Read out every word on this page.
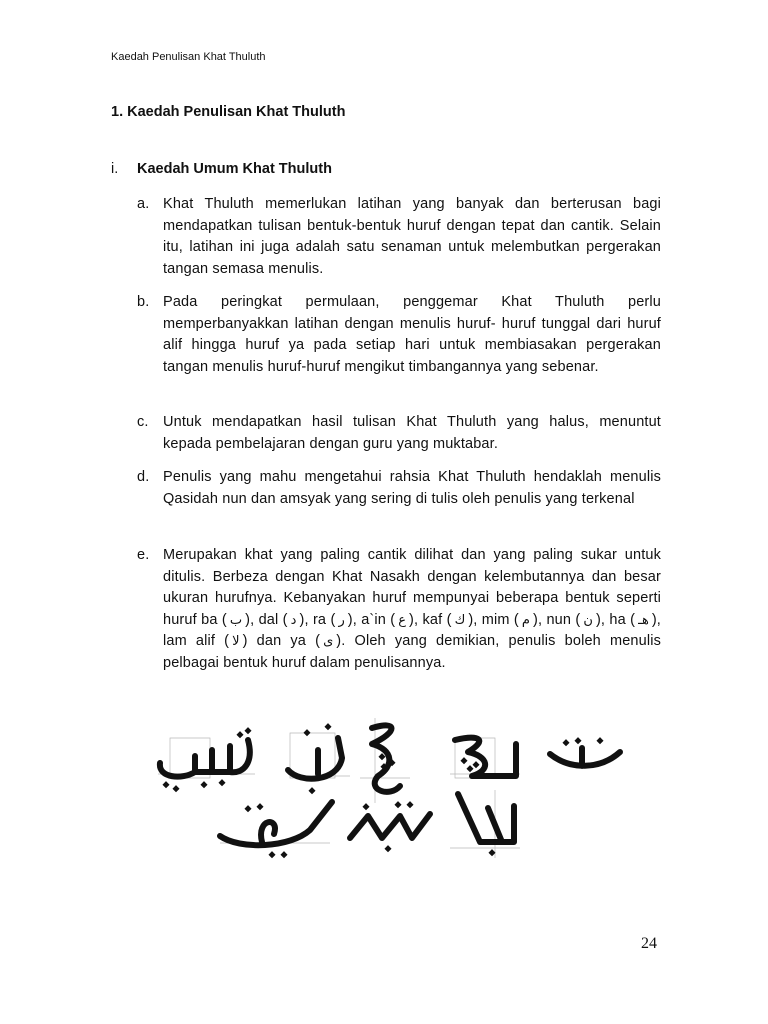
Kaedah Penulisan Khat Thuluth
1. Kaedah Penulisan Khat Thuluth
i. Kaedah Umum Khat Thuluth
a. Khat Thuluth memerlukan latihan yang banyak dan berterusan bagi mendapatkan tulisan bentuk-bentuk huruf dengan tepat dan cantik. Selain itu, latihan ini juga adalah satu senaman untuk melembutkan pergerakan tangan semasa menulis.
b. Pada peringkat permulaan, penggemar Khat Thuluth perlu memperbanyakkan latihan dengan menulis huruf- huruf tunggal dari huruf alif hingga huruf ya pada setiap hari untuk membiasakan pergerakan tangan menulis huruf-huruf mengikut timbangannya yang sebenar.
c. Untuk mendapatkan hasil tulisan Khat Thuluth yang halus, menuntut kepada pembelajaran dengan guru yang muktabar.
d. Penulis yang mahu mengetahui rahsia Khat Thuluth hendaklah menulis Qasidah nun dan amsyak yang sering di tulis oleh penulis yang terkenal
e. Merupakan khat yang paling cantik dilihat dan yang paling sukar untuk ditulis. Berbeza dengan Khat Nasakh dengan kelembutannya dan besar ukuran hurufnya. Kebanyakan huruf mempunyai beberapa bentuk seperti huruf ba ( ب ), dal ( د ), ra ( ر ), a`in ( ع ), kaf ( ك ), mim ( م ), nun ( ن ), ha ( هـ ), lam alif ( لا ) dan ya ( ى ). Oleh yang demikian, penulis boleh menulis pelbagai bentuk huruf dalam penulisannya.
24
